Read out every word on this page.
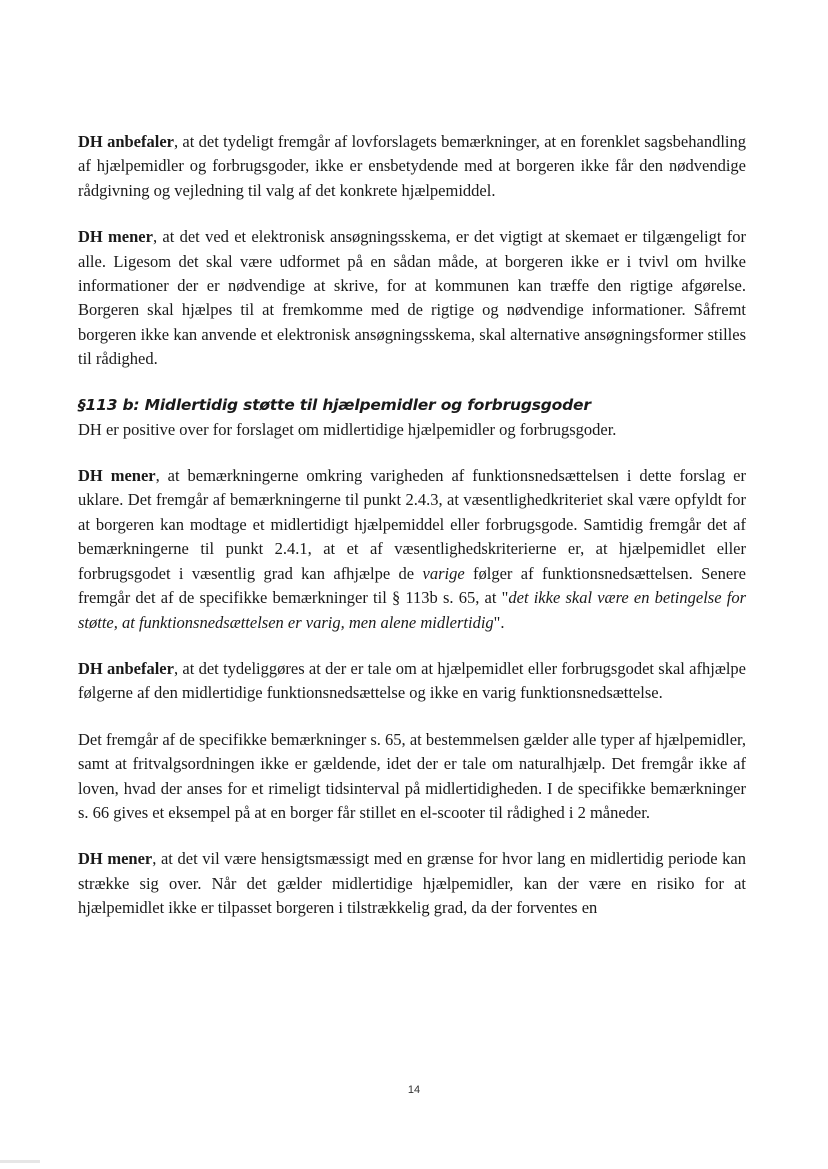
DH anbefaler, at det tydeligt fremgår af lovforslagets bemærkninger, at en forenklet sagsbehandling af hjælpemidler og forbrugsgoder, ikke er ensbetydende med at borgeren ikke får den nødvendige rådgivning og vejledning til valg af det konkrete hjælpemiddel.

DH mener, at det ved et elektronisk ansøgningsskema, er det vigtigt at skemaet er tilgængeligt for alle. Ligesom det skal være udformet på en sådan måde, at borgeren ikke er i tvivl om hvilke informationer der er nødvendige at skrive, for at kommunen kan træffe den rigtige afgørelse. Borgeren skal hjælpes til at fremkomme med de rigtige og nødvendige informationer. Såfremt borgeren ikke kan anvende et elektronisk ansøgningsskema, skal alternative ansøgningsformer stilles til rådighed.

§113 b: Midlertidig støtte til hjælpemidler og forbrugsgoder

DH er positive over for forslaget om midlertidige hjælpemidler og forbrugsgoder.

DH mener, at bemærkningerne omkring varigheden af funktionsnedsættelsen i dette forslag er uklare. Det fremgår af bemærkningerne til punkt 2.4.3, at væsentlighedkriteriet skal være opfyldt for at borgeren kan modtage et midlertidigt hjælpemiddel eller forbrugsgode. Samtidig fremgår det af bemærkningerne til punkt 2.4.1, at et af væsentlighedskriterierne er, at hjælpemidlet eller forbrugsgodet i væsentlig grad kan afhjælpe de varige følger af funktionsnedsættelsen. Senere fremgår det af de specifikke bemærkninger til § 113b s. 65, at "det ikke skal være en betingelse for støtte, at funktionsnedsættelsen er varig, men alene midlertidig".

DH anbefaler, at det tydeliggøres at der er tale om at hjælpemidlet eller forbrugsgodet skal afhjælpe følgerne af den midlertidige funktionsnedsættelse og ikke en varig funktionsnedsættelse.

Det fremgår af de specifikke bemærkninger s. 65, at bestemmelsen gælder alle typer af hjælpemidler, samt at fritvalgsordningen ikke er gældende, idet der er tale om naturalhjælp. Det fremgår ikke af loven, hvad der anses for et rimeligt tidsinterval på midlertidigheden. I de specifikke bemærkninger s. 66 gives et eksempel på at en borger får stillet en el-scooter til rådighed i 2 måneder.

DH mener, at det vil være hensigtsmæssigt med en grænse for hvor lang en midlertidig periode kan strække sig over. Når det gælder midlertidige hjælpemidler, kan der være en risiko for at hjælpemidlet ikke er tilpasset borgeren i tilstrækkelig grad, da der forventes en

14
